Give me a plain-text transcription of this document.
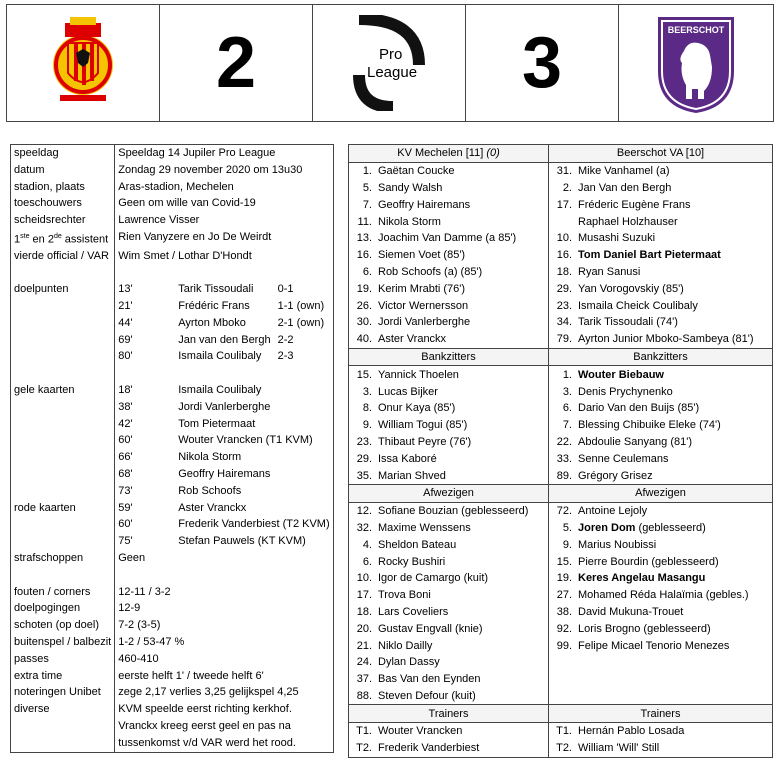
2	Pro
League 3	BEERSCHOT
speeldag	Speeldag 14 Jupiler Pro League
datum	Zondag 29 november 2020 om 13u30
stadion, plaats	Aras-stadion, Mechelen
toeschouwers	Geen om wille van Covid-19
scheidsrechter	Lawrence Visser
1ste en 2de assistent	Rien Vanyzere en Jo De Weirdt
vierde official / VAR	Wim Smet / Lothar D'Hondt

doelpunten	13' Tarik Tissoudali 0-1

	21' Frédéric Frans 1-1 (own)

	44' Ayrton Mboko 2-1 (own)

	69' Jan van den Bergh 2-2

	80' Ismaila Coulibaly 2-3

gele kaarten	18' Ismaila Coulibaly

	38' Jordi Vanlerberghe

	42' Tom Pietermaat

	60' Wouter Vrancken (T1 KVM)

	66' Nikola Storm

	68' Geoffry Hairemans

	73' Rob Schoofs

rode kaarten	59' Aster Vranckx

	60' Frederik Vanderbiest (T2 KVM)

	75' Stefan Pauwels (KT KVM)

strafschoppen	Geen

fouten / corners	12-11 / 3-2
doelpogingen	12-9
schoten (op doel)	7-2 (3-5)
buitenspel / balbezit	1-2 / 53-47 %
passes	460-410
extra time	eerste helft 1' / tweede helft 6'
noteringen Unibet	zege 2,17 verlies 3,25 gelijkspel 4,25
diverse	KVM speelde eerst richting kerkhof.
	Vranckx kreeg eerst geel en pas na
	tussenkomst v/d VAR werd het rood.
KV Mechelen [11] (0)	Beerschot VA [10]
1. Gaëtan Coucke	31. Mike Vanhamel (a)
5. Sandy Walsh	2. Jan Van den Bergh
7. Geoffry Hairemans	17. Fréderic Eugène Frans
11. Nikola Storm	Raphael Holzhauser
13. Joachim Van Damme (a 85')	10. Musashi Suzuki
16. Siemen Voet (85')	16. Tom Daniel Bart Pietermaat
6. Rob Schoofs (a) (85')	18. Ryan Sanusi
19. Kerim Mrabti (76')	29. Yan Vorogovskiy (85')
26. Victor Wernersson	23. Ismaila Cheick Coulibaly
30. Jordi Vanlerberghe	34. Tarik Tissoudali (74')
40. Aster Vranckx	79. Ayrton Junior Mboko-Sambeya (81')
Bankzitters	Bankzitters
15. Yannick Thoelen	1. Wouter Biebauw
3. Lucas Bijker	3. Denis Prychynenko
8. Onur Kaya (85')	6. Dario Van den Buijs (85')
9. William Togui (85')	7. Blessing Chibuike Eleke (74')
23. Thibaut Peyre (76')	22. Abdoulie Sanyang (81')
29. Issa Kaboré	33. Senne Ceulemans
35. Marian Shved	89. Grégory Grisez
Afwezigen	Afwezigen
12. Sofiane Bouzian (geblesseerd)	72. Antoine Lejoly
32. Maxime Wenssens	5. Joren Dom (geblesseerd)
4. Sheldon Bateau	9. Marius Noubissi
6. Rocky Bushiri	15. Pierre Bourdin (geblesseerd)
10. Igor de Camargo (kuit)	19. Keres Angelau Masangu
17. Trova Boni	27. Mohamed Réda Halaïmia (gebles.)
18. Lars Coveliers	38. David Mukuna-Trouet
20. Gustav Engvall (knie)	92. Loris Brogno (geblesseerd)
21. Niklo Dailly	99. Felipe Micael Tenorio Menezes
24. Dylan Dassy	
37. Bas Van den Eynden	
88. Steven Defour (kuit)	
Trainers	Trainers
T1. Wouter Vrancken	T1. Hernán Pablo Losada
T2. Frederik Vanderbiest	T2. William 'Will' Still
